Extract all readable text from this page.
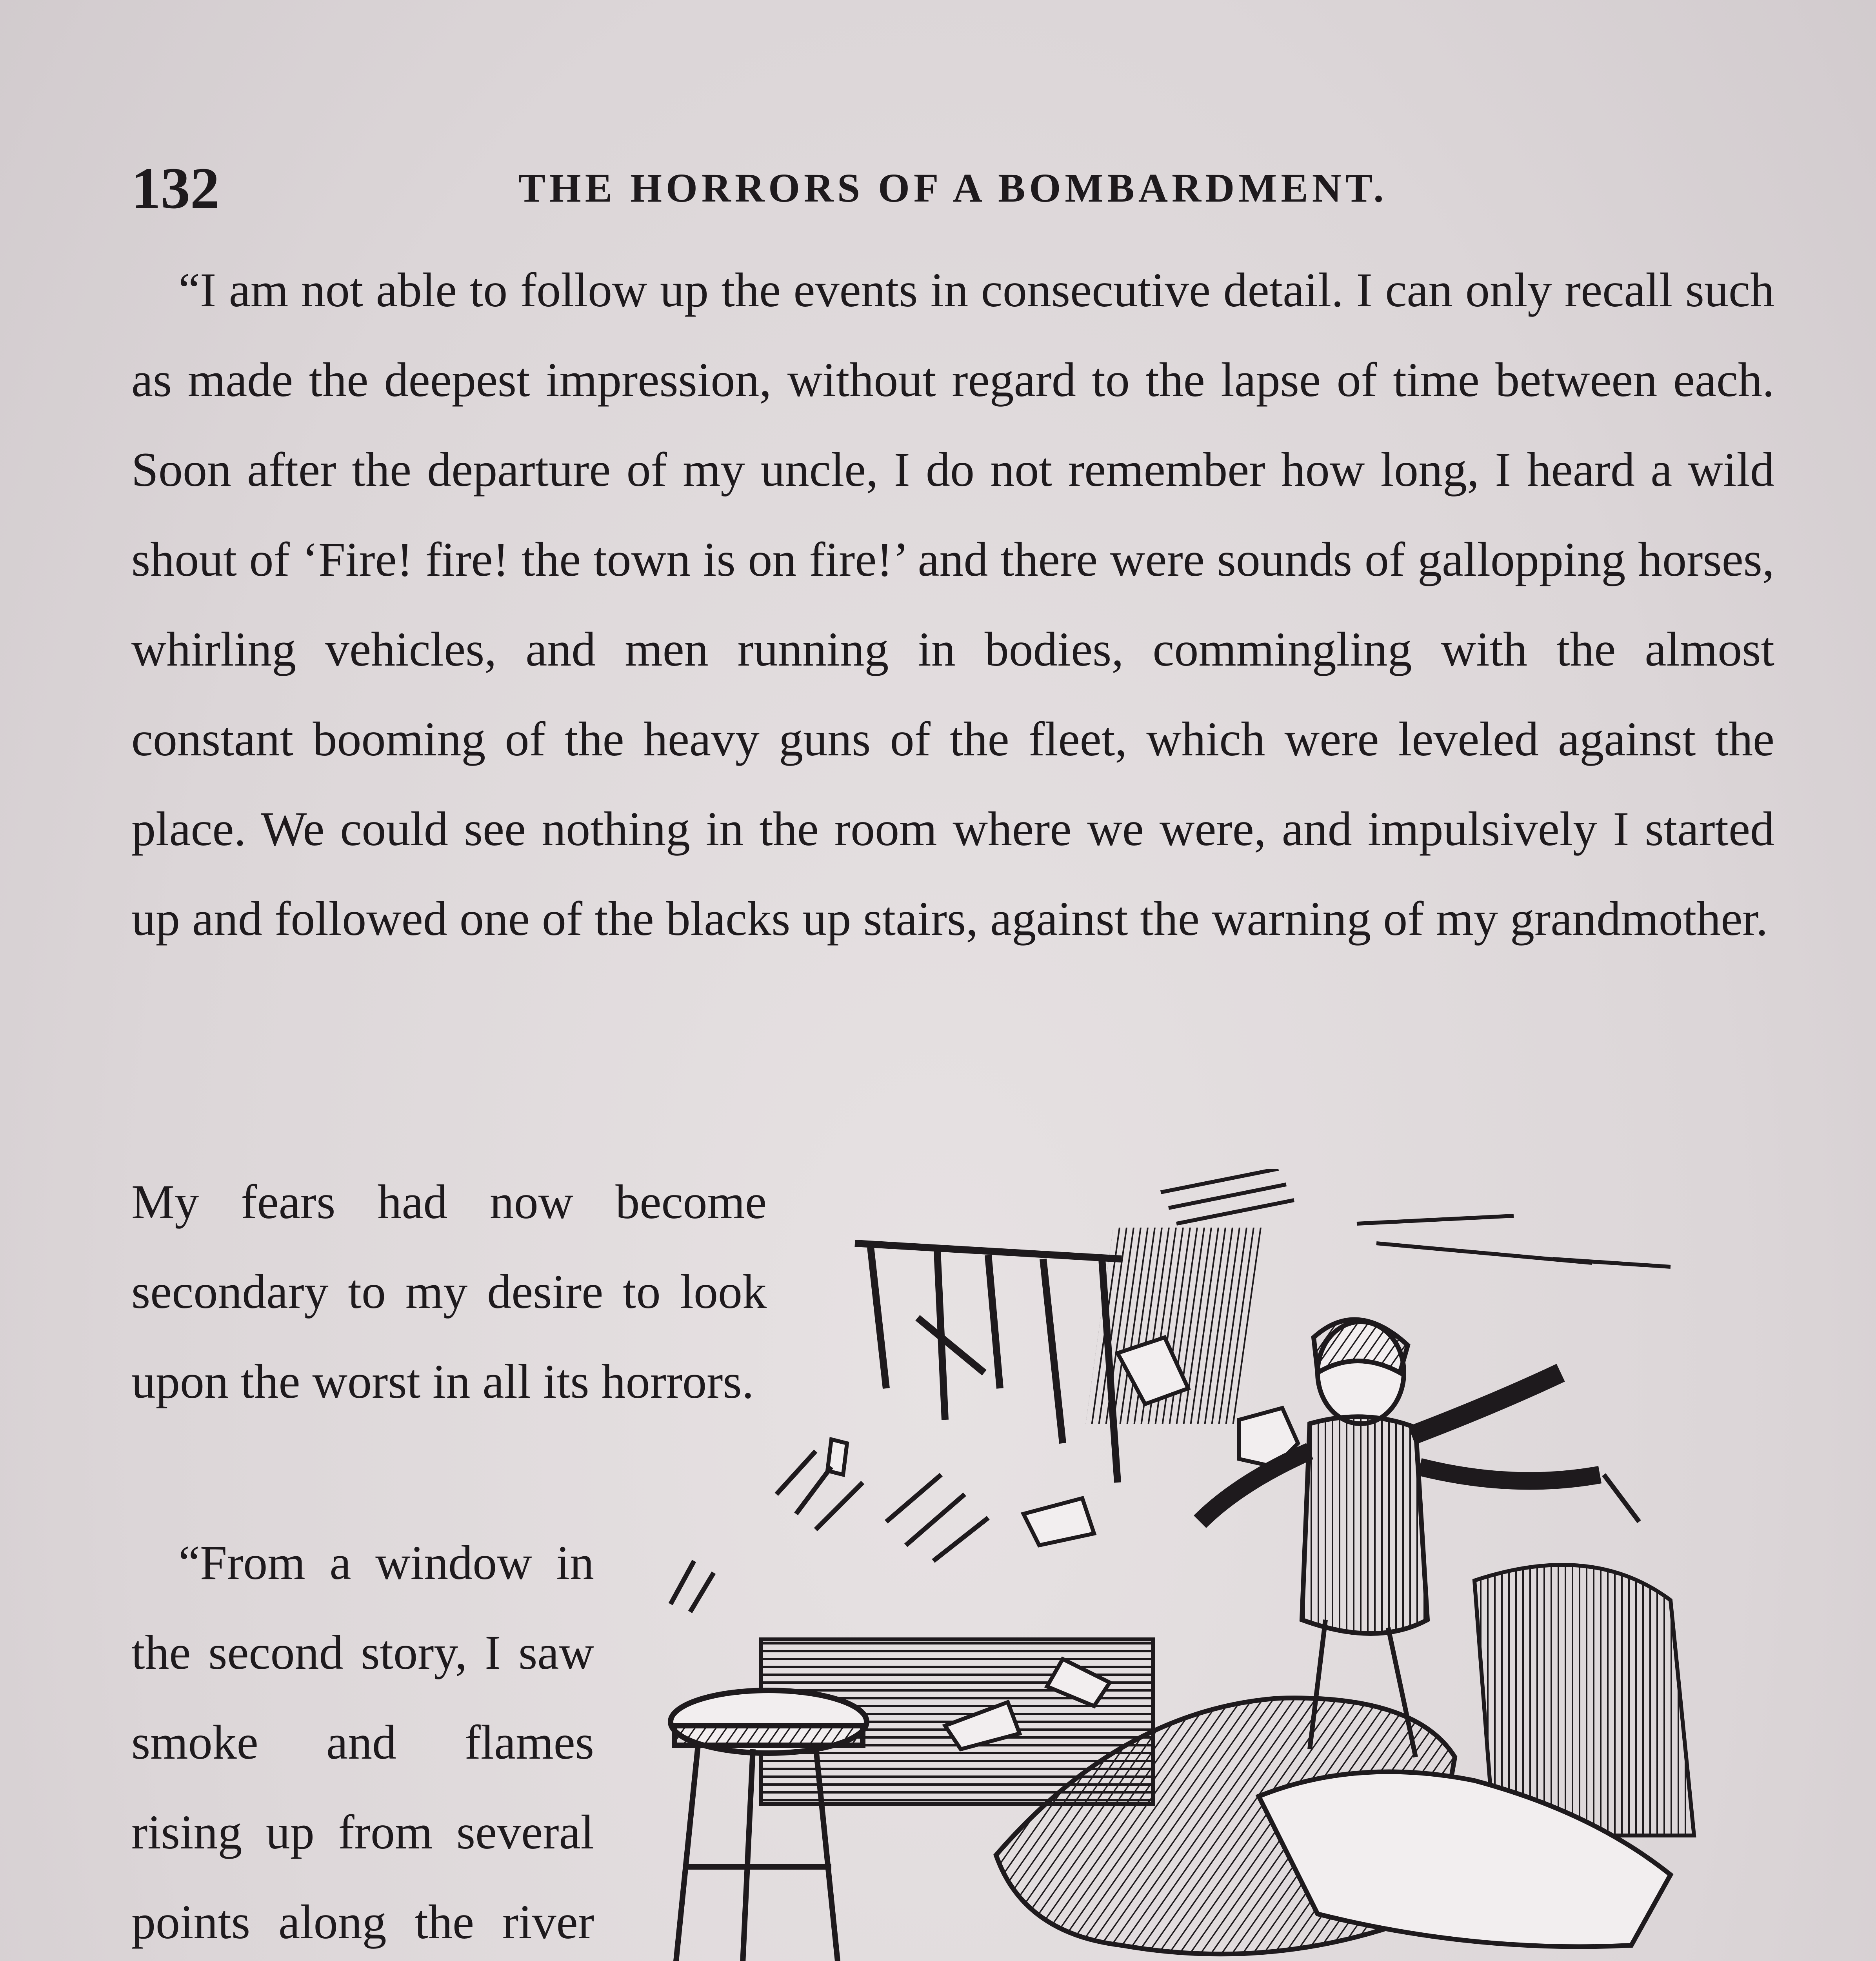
132	THE HORRORS OF A BOMBARDMENT.

“I am not able to follow up the events in consecutive detail. I can only recall such as made the deepest impression, without regard to the lapse of time between each. Soon after the departure of my uncle, I do not remember how long, I heard a wild shout of ‘Fire! fire! the town is on fire!’ and there were sounds of gallopping horses, whirling vehicles, and men running in bodies, commingling with the almost constant booming of the heavy guns of the fleet, which were leveled against the place. We could see nothing in the room where we were, and impulsively I started up and followed one of the blacks up stairs, against the warning of my grandmother.

My fears had now become secondary to my desire to look upon the worst in all its horrors.

“From a window in the second story, I saw smoke and flames rising up from several points along the river
